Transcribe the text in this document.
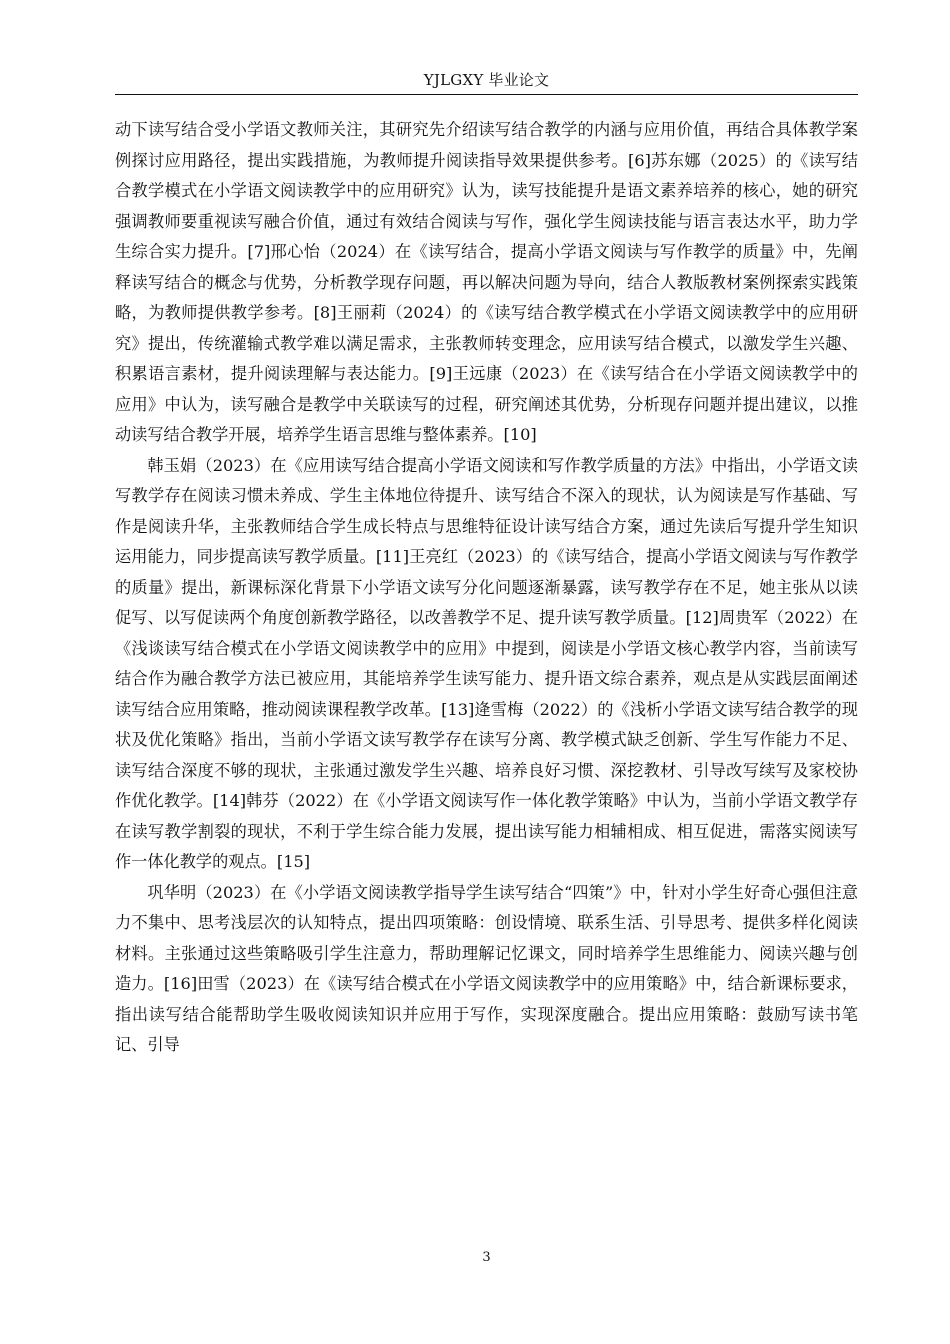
YJLGXY 毕业论文

动下读写结合受小学语文教师关注，其研究先介绍读写结合教学的内涵与应用价值，再结合具体教学案例探讨应用路径，提出实践措施，为教师提升阅读指导效果提供参考。[6]苏东娜（2025）的《读写结合教学模式在小学语文阅读教学中的应用研究》认为，读写技能提升是语文素养培养的核心，她的研究强调教师要重视读写融合价值，通过有效结合阅读与写作，强化学生阅读技能与语言表达水平，助力学生综合实力提升。[7]邢心怡（2024）在《读写结合，提高小学语文阅读与写作教学的质量》中，先阐释读写结合的概念与优势，分析教学现存问题，再以解决问题为导向，结合人教版教材案例探索实践策略，为教师提供教学参考。[8]王丽莉（2024）的《读写结合教学模式在小学语文阅读教学中的应用研究》提出，传统灌输式教学难以满足需求，主张教师转变理念，应用读写结合模式，以激发学生兴趣、积累语言素材，提升阅读理解与表达能力。[9]王远康（2023）在《读写结合在小学语文阅读教学中的应用》中认为，读写融合是教学中关联读写的过程，研究阐述其优势，分析现存问题并提出建议，以推动读写结合教学开展，培养学生语言思维与整体素养。[10]

韩玉娟（2023）在《应用读写结合提高小学语文阅读和写作教学质量的方法》中指出，小学语文读写教学存在阅读习惯未养成、学生主体地位待提升、读写结合不深入的现状，认为阅读是写作基础、写作是阅读升华，主张教师结合学生成长特点与思维特征设计读写结合方案，通过先读后写提升学生知识运用能力，同步提高读写教学质量。[11]王亮红（2023）的《读写结合，提高小学语文阅读与写作教学的质量》提出，新课标深化背景下小学语文读写分化问题逐渐暴露，读写教学存在不足，她主张从以读促写、以写促读两个角度创新教学路径，以改善教学不足、提升读写教学质量。[12]周贵军（2022）在《浅谈读写结合模式在小学语文阅读教学中的应用》中提到，阅读是小学语文核心教学内容，当前读写结合作为融合教学方法已被应用，其能培养学生读写能力、提升语文综合素养，观点是从实践层面阐述读写结合应用策略，推动阅读课程教学改革。[13]逄雪梅（2022）的《浅析小学语文读写结合教学的现状及优化策略》指出，当前小学语文读写教学存在读写分离、教学模式缺乏创新、学生写作能力不足、读写结合深度不够的现状，主张通过激发学生兴趣、培养良好习惯、深挖教材、引导改写续写及家校协作优化教学。[14]韩芬（2022）在《小学语文阅读写作一体化教学策略》中认为，当前小学语文教学存在读写教学割裂的现状，不利于学生综合能力发展，提出读写能力相辅相成、相互促进，需落实阅读写作一体化教学的观点。[15]

巩华明（2023）在《小学语文阅读教学指导学生读写结合“四策”》中，针对小学生好奇心强但注意力不集中、思考浅层次的认知特点，提出四项策略：创设情境、联系生活、引导思考、提供多样化阅读材料。主张通过这些策略吸引学生注意力，帮助理解记忆课文，同时培养学生思维能力、阅读兴趣与创造力。[16]田雪（2023）在《读写结合模式在小学语文阅读教学中的应用策略》中，结合新课标要求，指出读写结合能帮助学生吸收阅读知识并应用于写作，实现深度融合。提出应用策略：鼓励写读书笔记、引导

3
